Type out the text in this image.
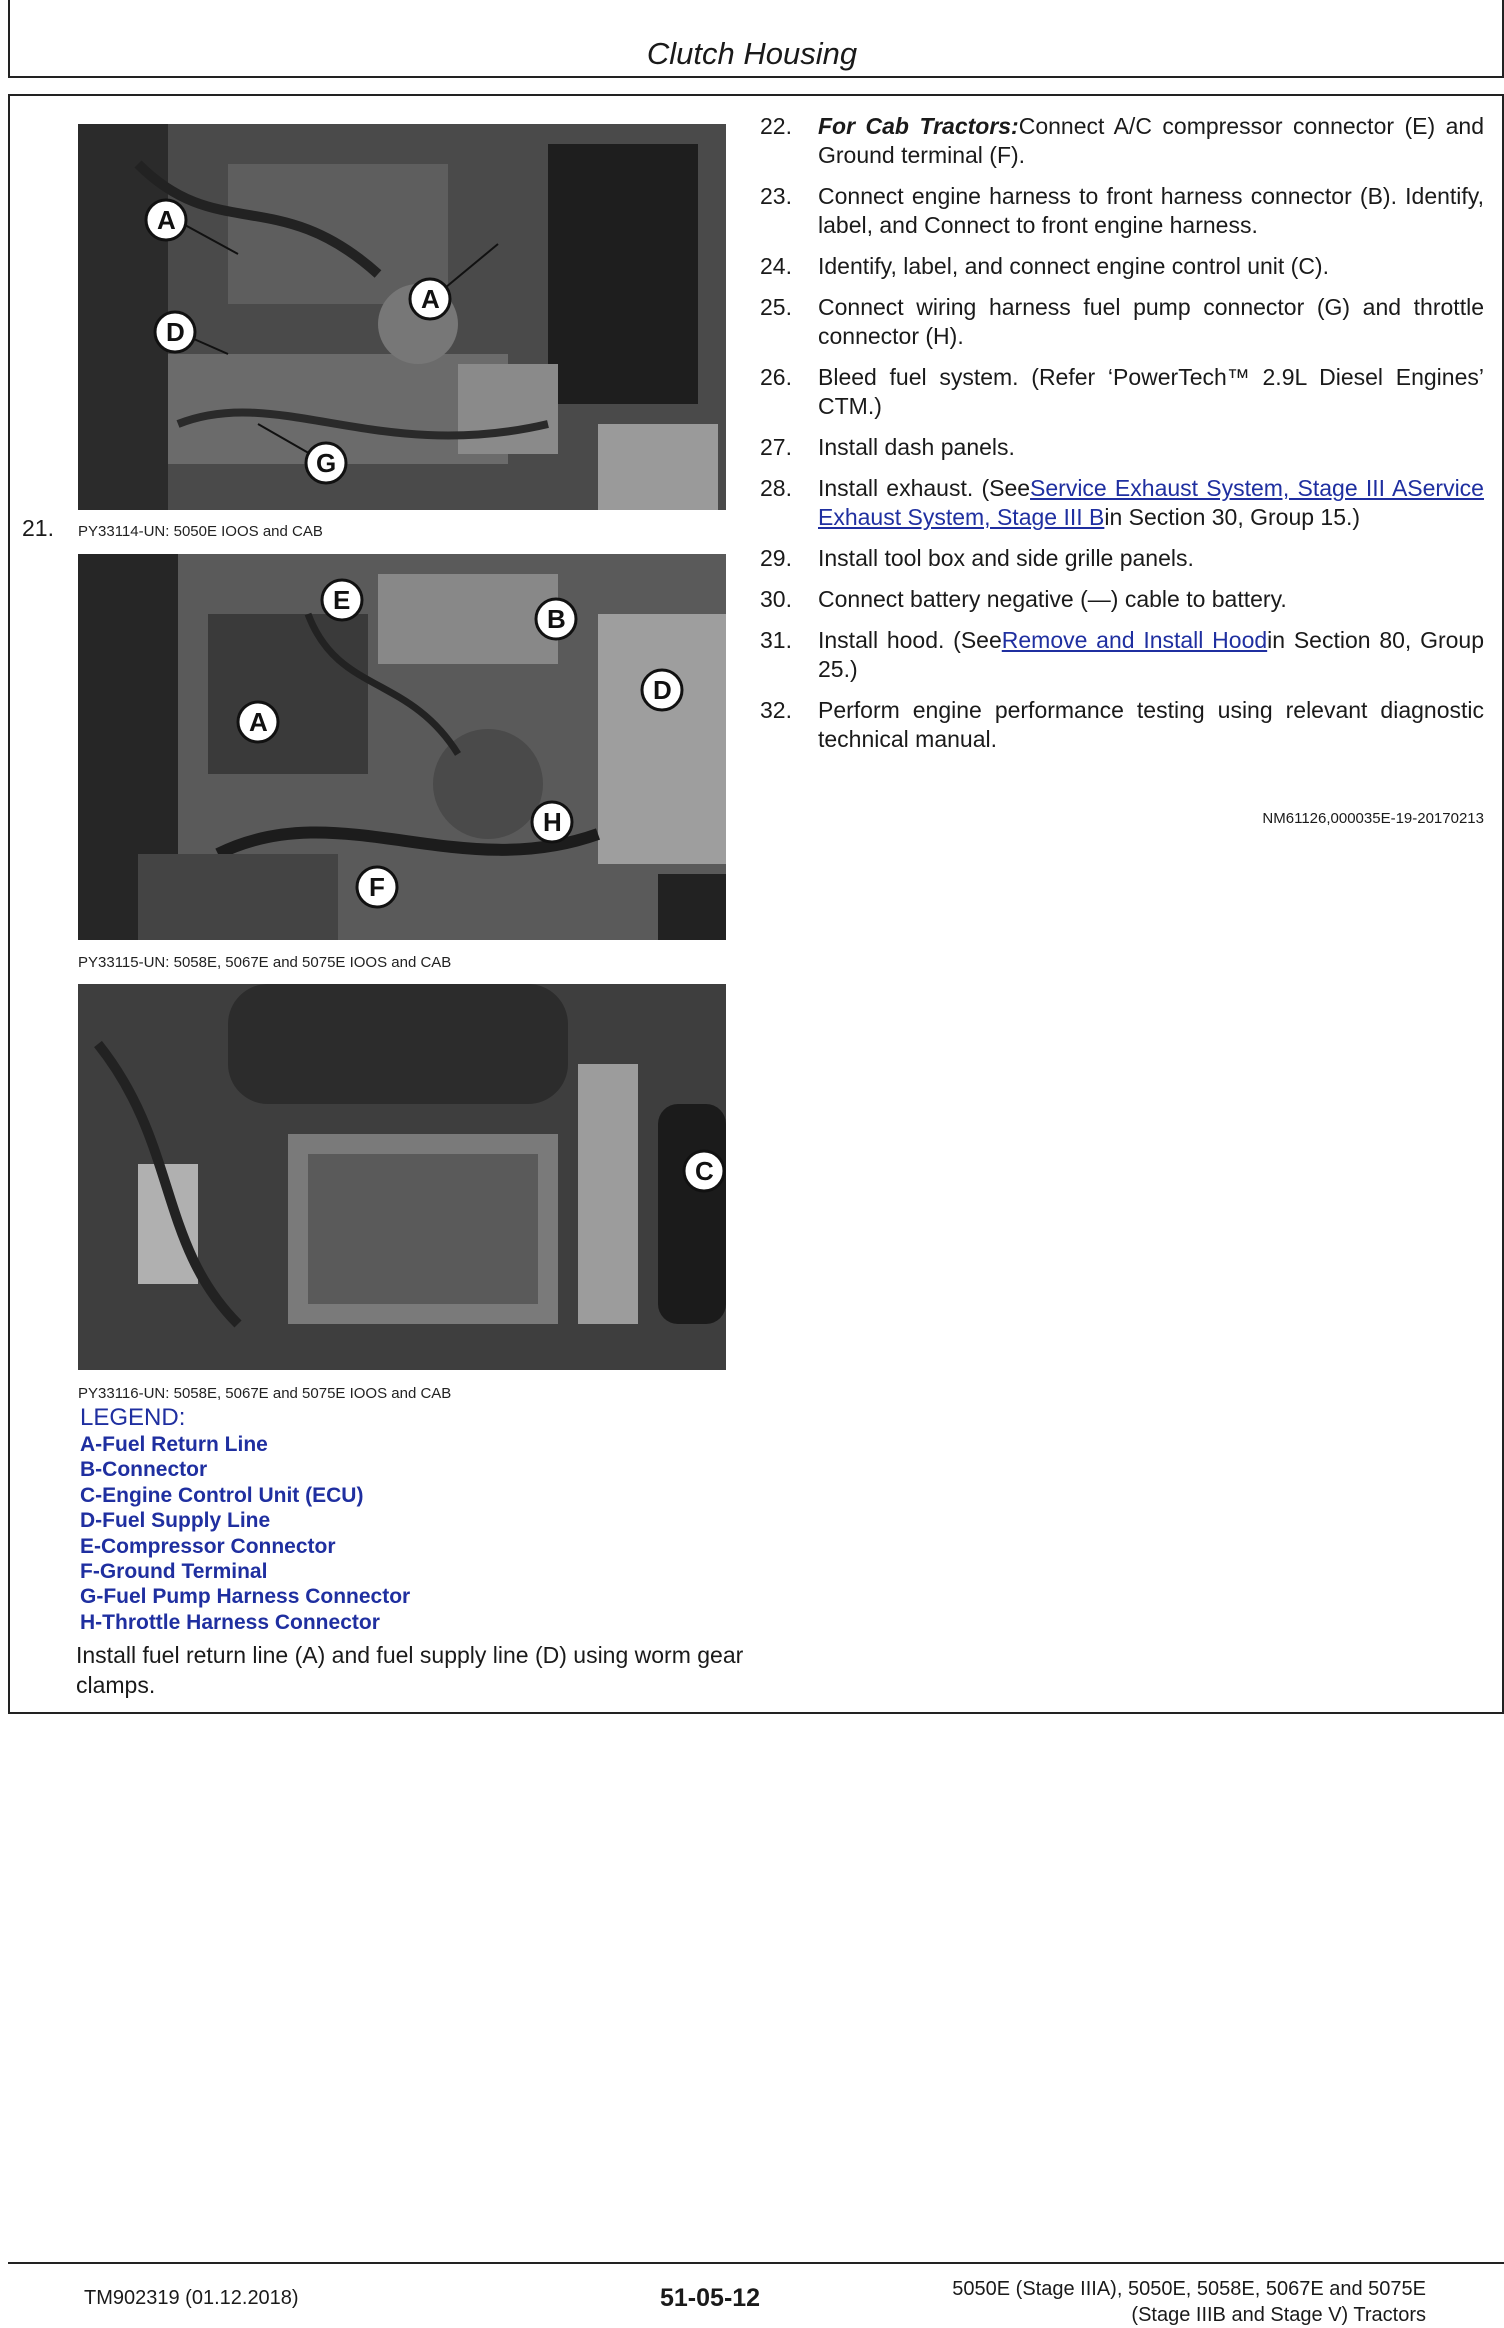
Clutch Housing
21.
A
A
D
G
PY33114-UN: 5050E IOOS and CAB
E
B
D
A
H
F
PY33115-UN: 5058E, 5067E and 5075E IOOS and CAB
C
PY33116-UN: 5058E, 5067E and 5075E IOOS and CAB
LEGEND:
A-Fuel Return Line
B-Connector
C-Engine Control Unit (ECU)
D-Fuel Supply Line
E-Compressor Connector
F-Ground Terminal
G-Fuel Pump Harness Connector
H-Throttle Harness Connector
Install fuel return line (A) and fuel supply line (D) using worm gear clamps.
22. For Cab Tractors:Connect A/C compressor connector (E) and Ground terminal (F).
23. Connect engine harness to front harness connector (B). Identify, label, and Connect to front engine harness.
24. Identify, label, and connect engine control unit (C).
25. Connect wiring harness fuel pump connector (G) and throttle connector (H).
26. Bleed fuel system. (Refer ‘PowerTech™ 2.9L Diesel Engines’ CTM.)
27. Install dash panels.
28. Install exhaust. (SeeService Exhaust System, Stage III AService Exhaust System, Stage III Bin Section 30, Group 15.)
29. Install tool box and side grille panels.
30. Connect battery negative (—) cable to battery.
31. Install hood. (SeeRemove and Install Hoodin Section 80, Group 25.)
32. Perform engine performance testing using relevant diagnostic technical manual.
NM61126,000035E-19-20170213
TM902319 (01.12.2018)	51-05-12	5050E (Stage IIIA), 5050E, 5058E, 5067E and 5075E
(Stage IIIB and Stage V) Tractors
